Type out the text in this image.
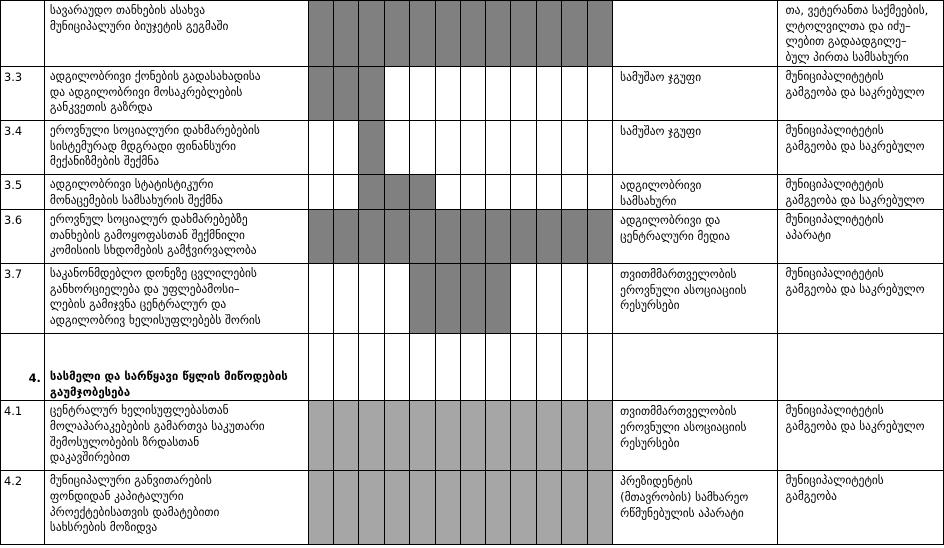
	სავარაუდო თანხების ასახვა
მუნიციპალური ბიუჯეტის გეგმაში														თა, ვეტერანთა საქმეების,
ლტოლვილთა და იძუ–
ლებით გადაადგილე–
ბულ პირთა სამსახური

3.3	ადგილობრივი ქონების გადასახადისა
და ადგილობრივი მოსაკრებლების
განკვეთის გაზრდა													სამუშაო ჯგუფი	მუნიციპალიტეტის
გამგეობა და საკრებულო

3.4	ეროვნული სოციალური დახმარებების
სისტემურად მდგრადი ფინანსური
მექანიზმების შექმნა													სამუშაო ჯგუფი	მუნიციპალიტეტის
გამგეობა და საკრებულო

3.5	ადგილობრივი სტატისტიკური
მონაცემების სამსახურის შექმნა													ადგილობრივი
სამსახური	მუნიციპალიტეტის
გამგეობა და საკრებულო

3.6	ეროვნულ სოციალურ დახმარებებზე
თანხების გამოყოფასთან შექმნილი
კომისიის სხდომების გამჭვირვალობა													ადგილობრივი და
ცენტრალური მედია	მუნიციპალიტეტის
აპარატი

3.7	საკანონმდებლო დონეზე ცვლილების
განხორციელება და უფლებამოსი–
ლების გამიჯვნა ცენტრალურ და
ადგილობრივ ხელისუფლებებს შორის													თვითმმართველობის
ეროვნული ასოციაციის
რესურსები	მუნიციპალიტეტის
გამგეობა და საკრებულო

4.	სასმელი და სარწყავი წყლის მიწოდების
გაუმჯობესება														

4.1	ცენტრალურ ხელისუფლებასთან
მოლაპარაკებების გამართვა საკუთარი
შემოსულობების ზრდასთან
დაკავშირებით													თვითმმართველობის
ეროვნული ასოციაციის
რესურსები	მუნიციპალიტეტის
გამგეობა და საკრებულო

4.2	მუნიციპალური განვითარების
ფონდიდან კაპიტალური
პროექტებისათვის დამატებითი
სახსრების მოზიდვა													პრეზიდენტის
(მთავრობის) სამხარეო
რწმუნებულის აპარატი	მუნიციპალიტეტის
გამგეობა
